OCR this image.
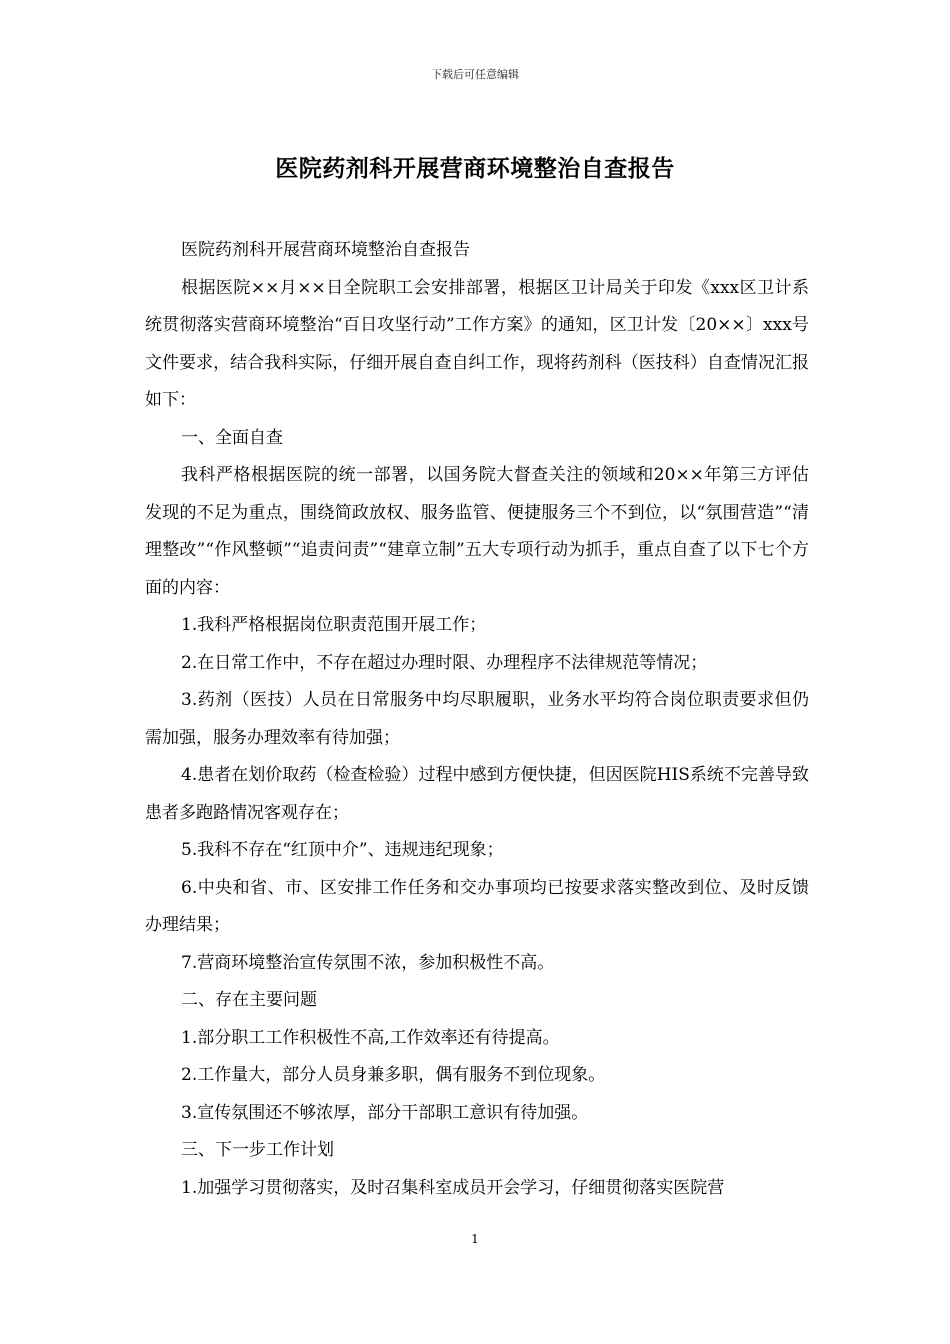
下载后可任意编辑
医院药剂科开展营商环境整治自查报告

医院药剂科开展营商环境整治自查报告

根据医院××月××日全院职工会安排部署，根据区卫计局关于印发《xxx区卫计系统贯彻落实营商环境整治“百日攻坚行动”工作方案》的通知，区卫计发〔20××〕xxx号文件要求，结合我科实际，仔细开展自查自纠工作，现将药剂科（医技科）自查情况汇报如下：

一、全面自查

我科严格根据医院的统一部署，以国务院大督查关注的领域和20××年第三方评估发现的不足为重点，围绕简政放权、服务监管、便捷服务三个不到位，以“氛围营造”“清理整改”“作风整顿”“追责问责”“建章立制”五大专项行动为抓手，重点自查了以下七个方面的内容：

1.我科严格根据岗位职责范围开展工作；

2.在日常工作中，不存在超过办理时限、办理程序不法律规范等情况；

3.药剂（医技）人员在日常服务中均尽职履职，业务水平均符合岗位职责要求但仍需加强，服务办理效率有待加强；

4.患者在划价取药（检查检验）过程中感到方便快捷，但因医院HIS系统不完善导致患者多跑路情况客观存在；

5.我科不存在“红顶中介”、违规违纪现象；

6.中央和省、市、区安排工作任务和交办事项均已按要求落实整改到位、及时反馈办理结果；

7.营商环境整治宣传氛围不浓，参加积极性不高。

二、存在主要问题

1.部分职工工作积极性不高,工作效率还有待提高。

2.工作量大，部分人员身兼多职，偶有服务不到位现象。

3.宣传氛围还不够浓厚，部分干部职工意识有待加强。

三、下一步工作计划

1.加强学习贯彻落实，及时召集科室成员开会学习，仔细贯彻落实医院营

1
